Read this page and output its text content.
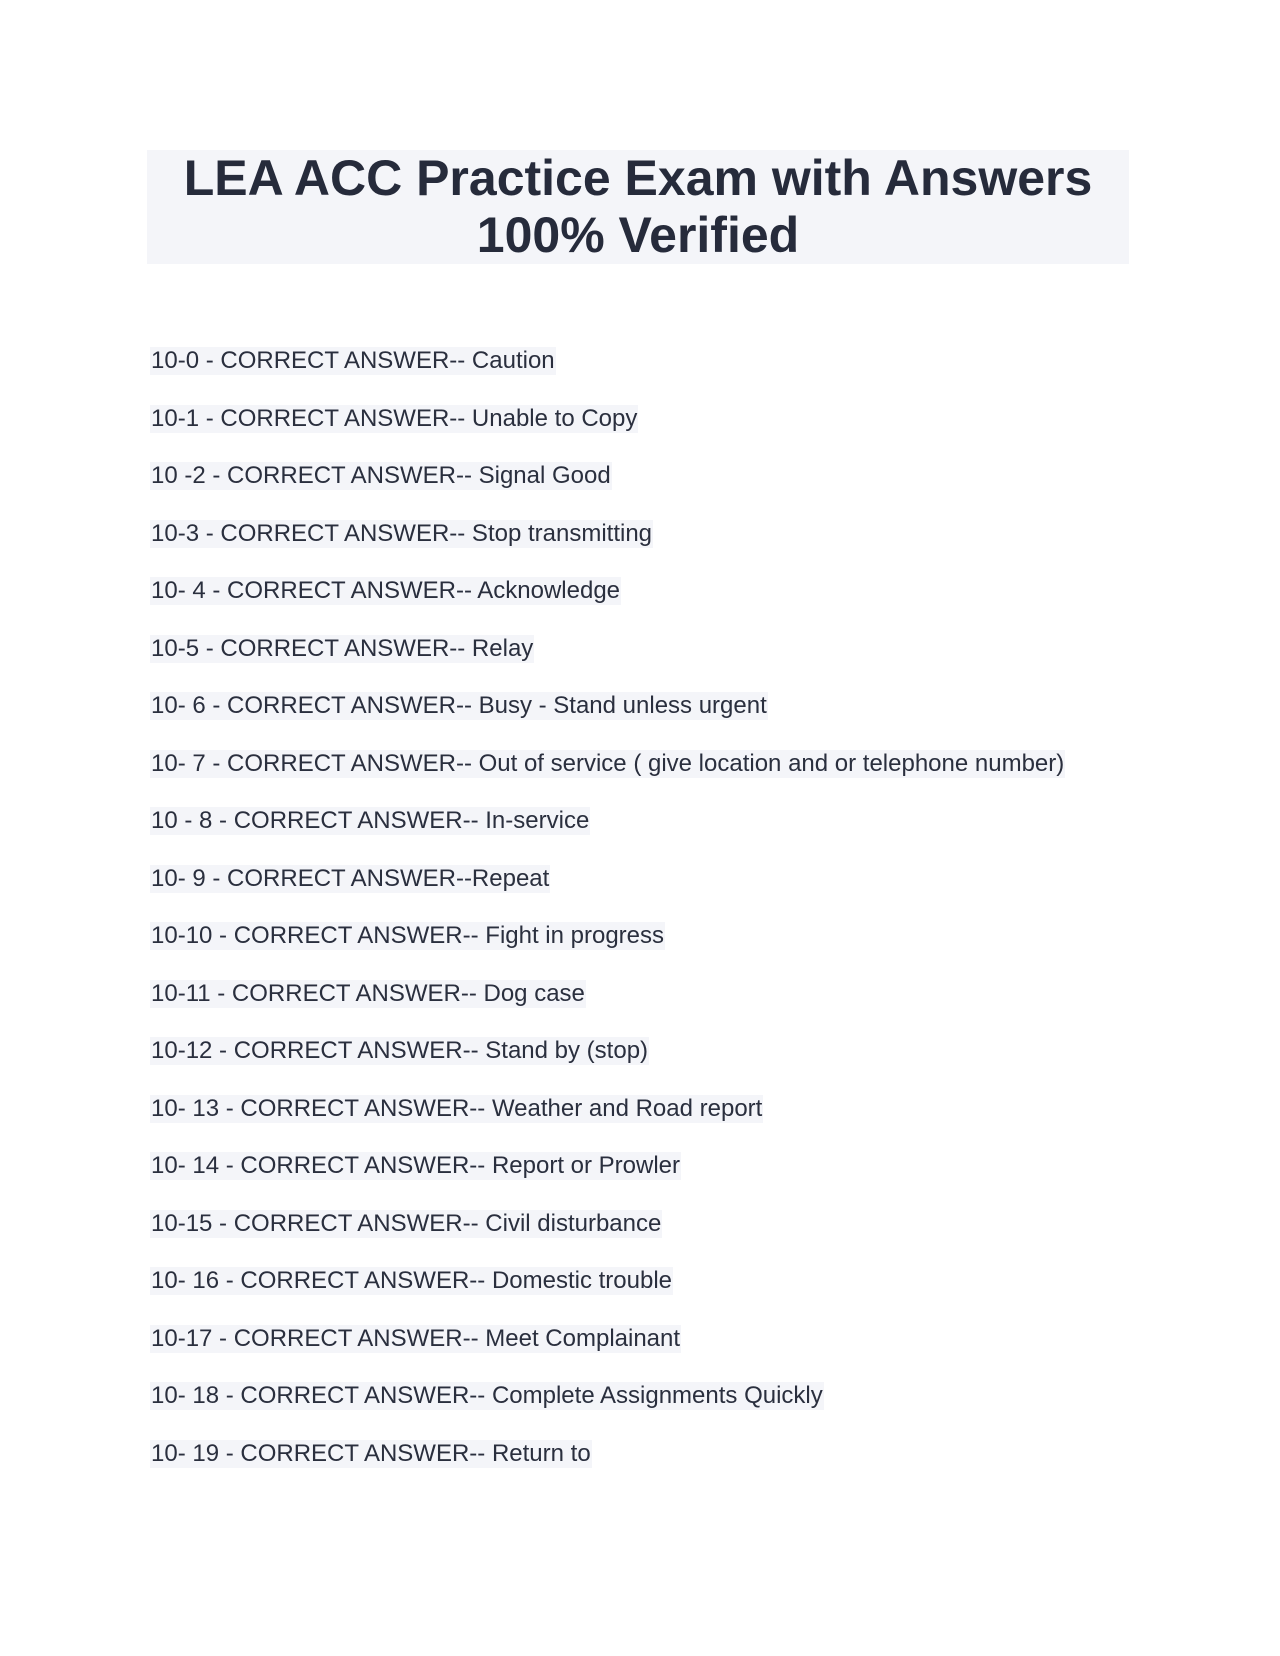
LEA ACC Practice Exam with Answers 100% Verified
10-0 - CORRECT ANSWER-- Caution
10-1 - CORRECT ANSWER-- Unable to Copy
10 -2 - CORRECT ANSWER-- Signal Good
10-3 - CORRECT ANSWER-- Stop transmitting
10- 4 - CORRECT ANSWER-- Acknowledge
10-5 - CORRECT ANSWER-- Relay
10- 6 - CORRECT ANSWER-- Busy - Stand unless urgent
10- 7 - CORRECT ANSWER-- Out of service ( give location and or telephone number)
10 - 8 - CORRECT ANSWER-- In-service
10- 9 - CORRECT ANSWER--Repeat
10-10 - CORRECT ANSWER-- Fight in progress
10-11 - CORRECT ANSWER-- Dog case
10-12 - CORRECT ANSWER-- Stand by (stop)
10- 13 - CORRECT ANSWER-- Weather and Road report
10- 14 - CORRECT ANSWER-- Report or Prowler
10-15 - CORRECT ANSWER-- Civil disturbance
10- 16 - CORRECT ANSWER-- Domestic trouble
10-17 - CORRECT ANSWER-- Meet Complainant
10- 18 - CORRECT ANSWER-- Complete Assignments Quickly
10- 19 - CORRECT ANSWER-- Return to
